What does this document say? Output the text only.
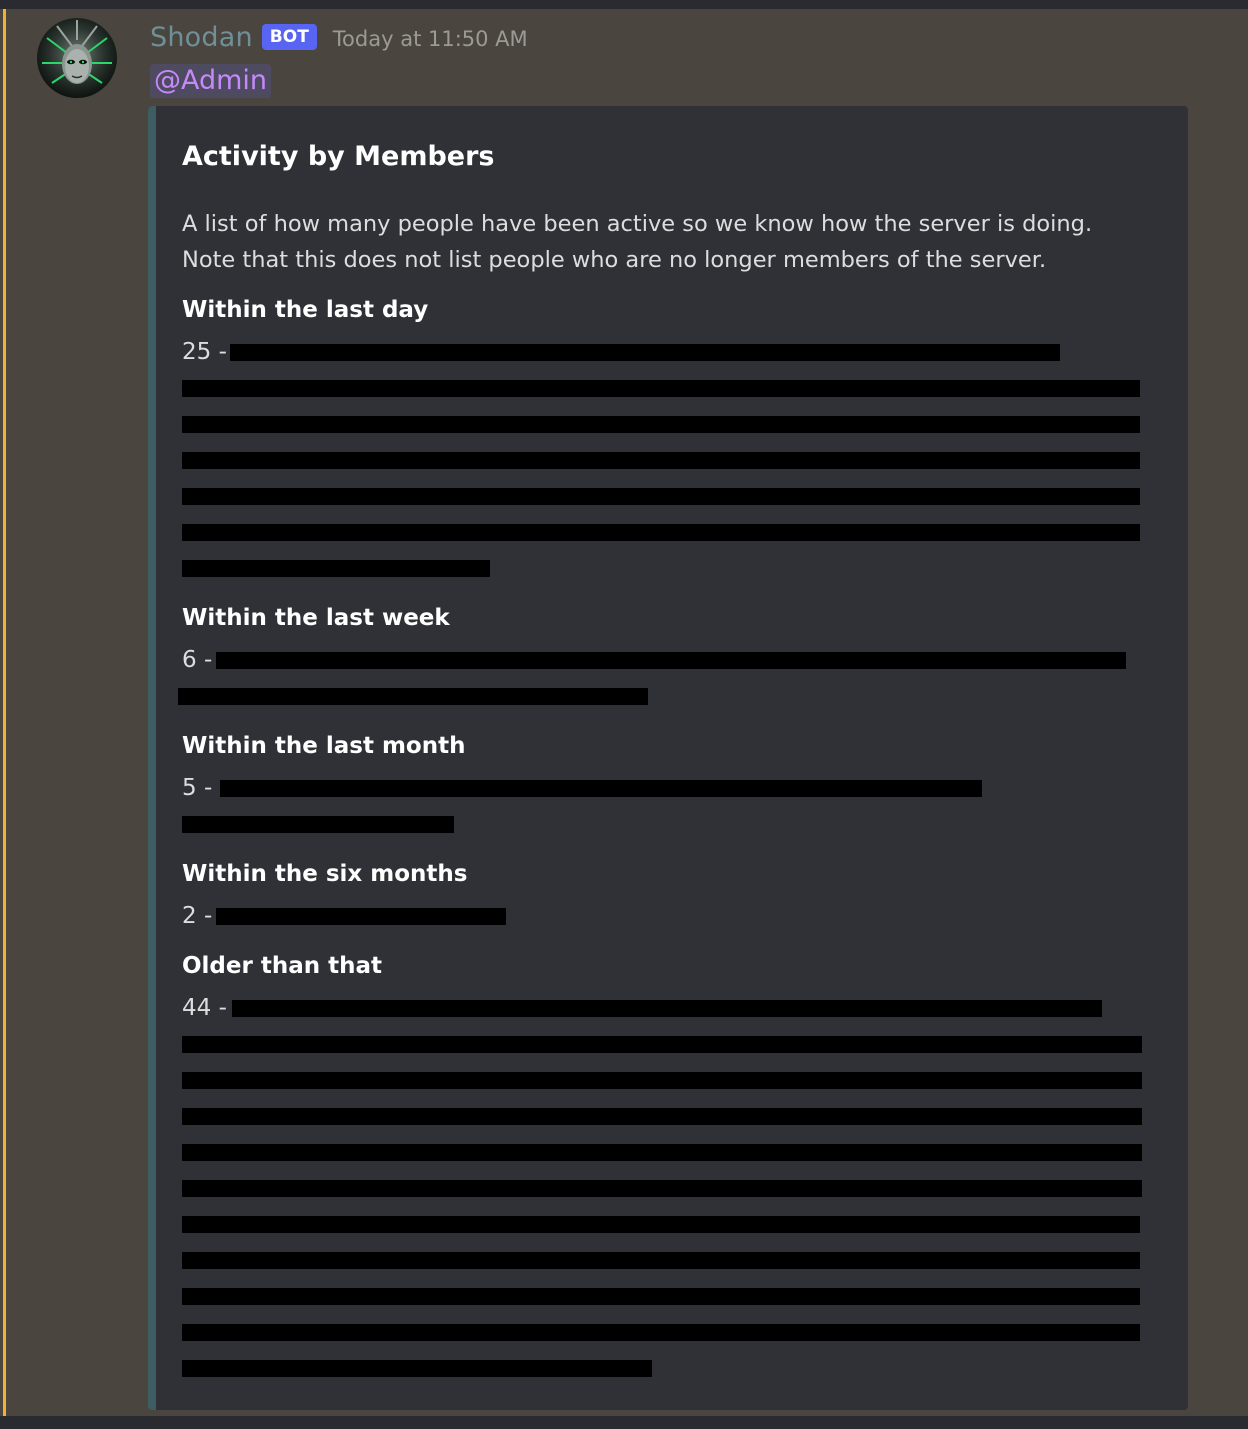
Shodan	BOT	Today at 11:50 AM
@Admin
Activity by Members
A list of how many people have been active so we know how the server is doing.
Note that this does not list people who are no longer members of the server.
Within the last day
25 -
Within the last week
6 -
Within the last month
5 -
Within the six months
2 -
Older than that
44 -
